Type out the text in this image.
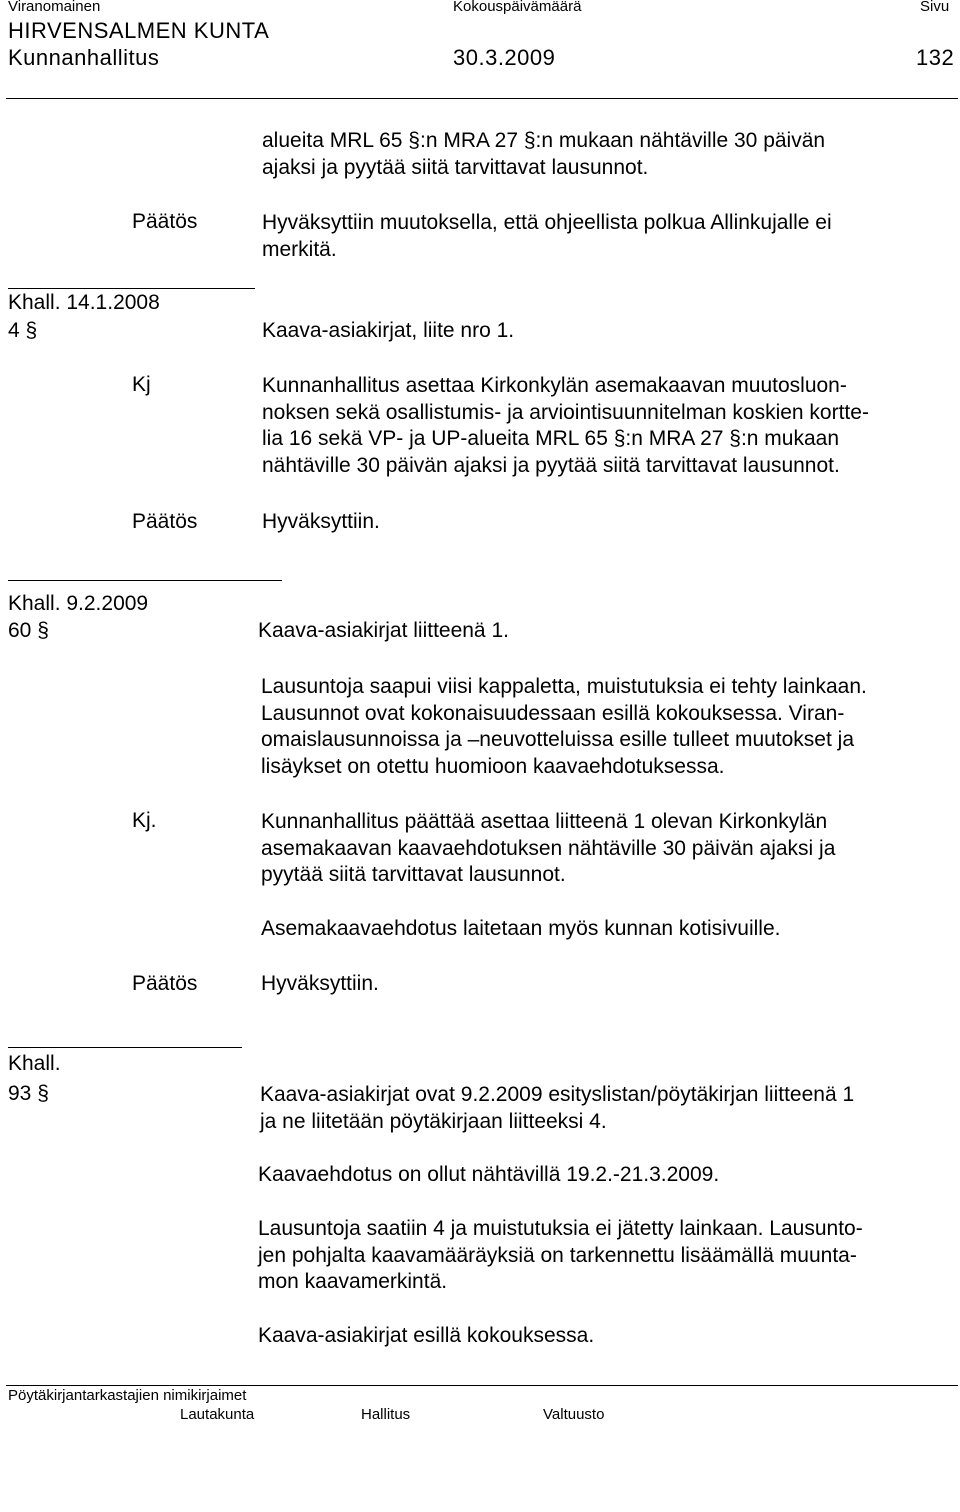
Viranomainen	Kokouspäivämäärä	Sivu
HIRVENSALMEN KUNTA
Kunnanhallitus	30.3.2009	132
alueita MRL 65 §:n MRA 27 §:n mukaan nähtäville 30 päivän
ajaksi ja pyytää siitä tarvittavat lausunnot.
Päätös	Hyväksyttiin muutoksella, että ohjeellista polkua Allinkujalle ei
merkitä.
Khall. 14.1.2008
4 §	Kaava-asiakirjat, liite nro 1.
Kj	Kunnanhallitus asettaa Kirkonkylän asemakaavan muutosluon-
noksen sekä osallistumis- ja arviointisuunnitelman koskien kortte-
lia 16 sekä VP- ja UP-alueita MRL 65 §:n MRA 27 §:n mukaan
nähtäville 30 päivän ajaksi ja pyytää siitä tarvittavat lausunnot.
Päätös	Hyväksyttiin.
Khall. 9.2.2009
60 §	Kaava-asiakirjat liitteenä 1.
Lausuntoja saapui viisi kappaletta, muistutuksia ei tehty lainkaan.
Lausunnot ovat kokonaisuudessaan esillä kokouksessa. Viran-
omaislausunnoissa ja –neuvotteluissa esille tulleet muutokset ja
lisäykset on otettu huomioon kaavaehdotuksessa.
Kj.	Kunnanhallitus päättää asettaa liitteenä 1 olevan Kirkonkylän
asemakaavan kaavaehdotuksen nähtäville 30 päivän ajaksi ja
pyytää siitä tarvittavat lausunnot.
Asemakaavaehdotus laitetaan myös kunnan kotisivuille.
Päätös	Hyväksyttiin.
Khall.
93 §	Kaava-asiakirjat ovat 9.2.2009 esityslistan/pöytäkirjan liitteenä 1
ja ne liitetään pöytäkirjaan liitteeksi 4.
Kaavaehdotus on ollut nähtävillä 19.2.-21.3.2009.
Lausuntoja saatiin 4 ja muistutuksia ei jätetty lainkaan. Lausunto-
jen pohjalta kaavamääräyksiä on tarkennettu lisäämällä muunta-
mon kaavamerkintä.
Kaava-asiakirjat esillä kokouksessa.
Pöytäkirjantarkastajien nimikirjaimet
Lautakunta	Hallitus	Valtuusto
